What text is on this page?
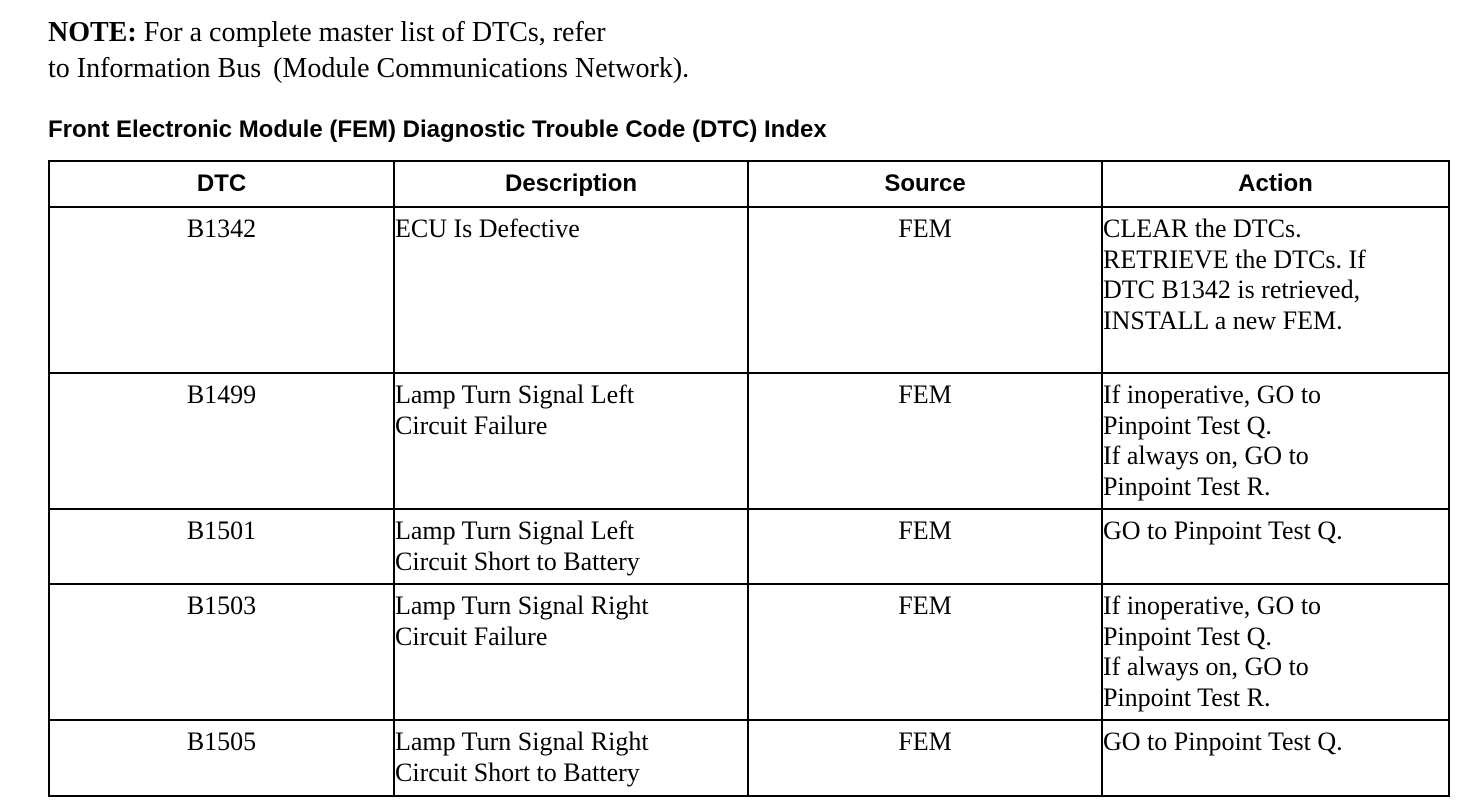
NOTE: For a complete master list of DTCs, refer
to Information Bus (Module Communications Network).
Front Electronic Module (FEM) Diagnostic Trouble Code (DTC) Index
DTC	Description	Source	Action
B1342	ECU Is Defective	FEM	CLEAR the DTCs.
RETRIEVE the DTCs. If
DTC B1342 is retrieved,
INSTALL a new FEM.

B1499	Lamp Turn Signal Left
Circuit Failure	FEM	If inoperative, GO to
Pinpoint Test Q.
If always on, GO to
Pinpoint Test R.

B1501	Lamp Turn Signal Left
Circuit Short to Battery	FEM	GO to Pinpoint Test Q.

B1503	Lamp Turn Signal Right
Circuit Failure	FEM	If inoperative, GO to
Pinpoint Test Q.
If always on, GO to
Pinpoint Test R.

B1505	Lamp Turn Signal Right
Circuit Short to Battery	FEM	GO to Pinpoint Test Q.
